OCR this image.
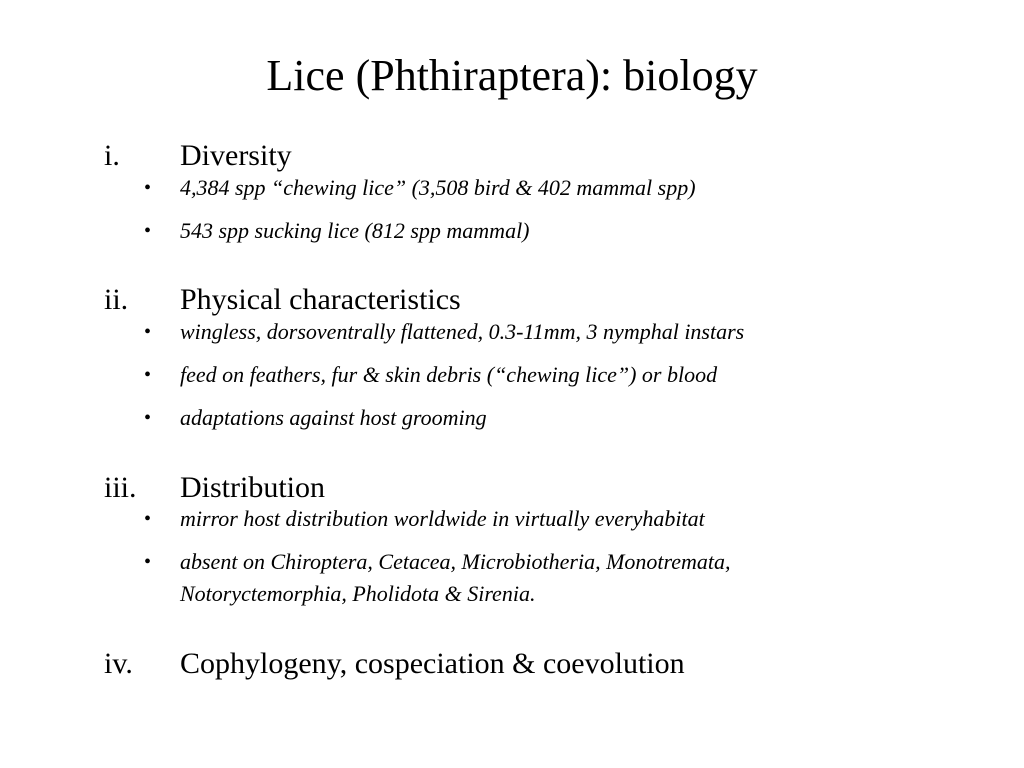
Lice (Phthiraptera): biology
i. Diversity
• 4,384 spp “chewing lice” (3,508 bird & 402 mammal spp)
• 543 spp sucking lice (812 spp mammal)
ii. Physical characteristics
• wingless, dorsoventrally flattened, 0.3-11mm, 3 nymphal instars
• feed on feathers, fur & skin debris (“chewing lice”) or blood
• adaptations against host grooming
iii. Distribution
• mirror host distribution worldwide in virtually everyhabitat
• absent on Chiroptera, Cetacea, Microbiotheria, Monotremata,
Notoryctemorphia, Pholidota & Sirenia.
iv. Cophylogeny, cospeciation & coevolution
